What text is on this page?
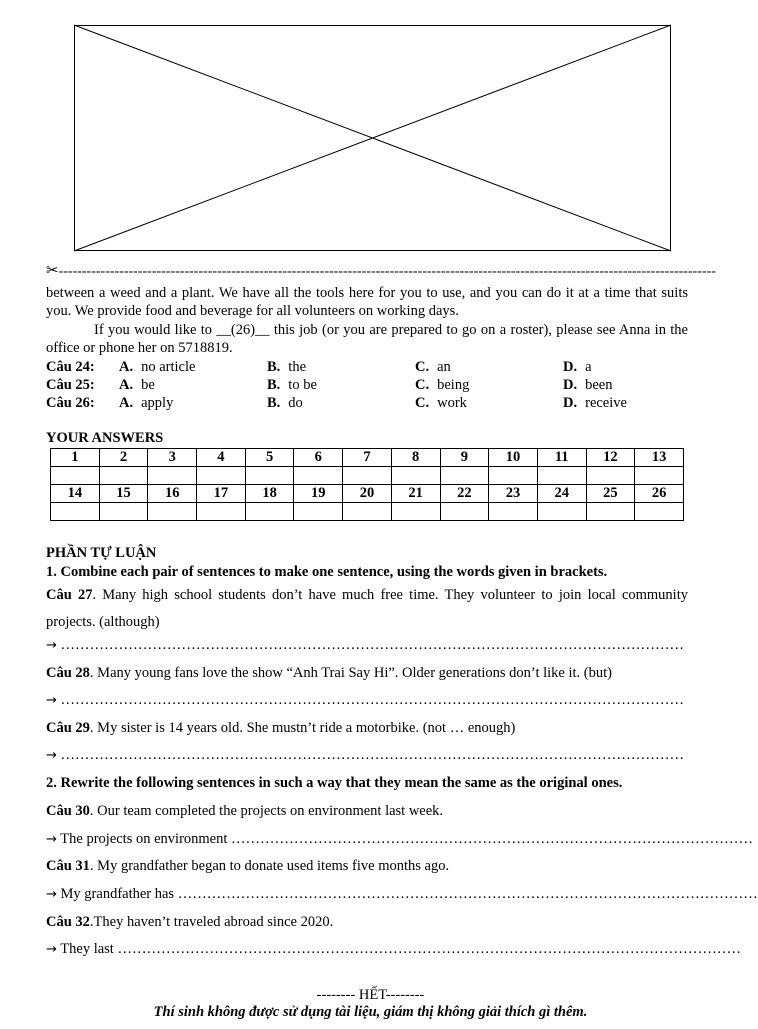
✂---------------------------------------------------------------------------------------------------------------------------------------------
between a weed and a plant. We have all the tools here for you to use, and you can do it at a time that suits you. We provide food and beverage for all volunteers on working days.
If you would like to __(26)__ this job (or you are prepared to go on a roster), please see Anna in the office or phone her on 5718819.
Câu 24: A. no article	B. the	C. an	D. a
Câu 25: A. be	B. to be	C. being	D. been
Câu 26: A. apply	B. do	C. work	D. receive
YOUR ANSWERS
1	2	3	4	5	6	7	8	9	10	11	12	13

14	15	16	17	18	19	20	21	22	23	24	25	26

PHẦN TỰ LUẬN
1. Combine each pair of sentences to make one sentence, using the words given in brackets.
Câu 27. Many high school students don’t have much free time. They volunteer to join local community projects. (although)
→ …………………………………………………………………………………………………………………
Câu 28. Many young fans love the show “Anh Trai Say Hi”. Older generations don’t like it. (but)
→ …………………………………………………………………………………………………………………
Câu 29. My sister is 14 years old. She mustn’t ride a motorbike. (not … enough)
→ …………………………………………………………………………………………………………………
2. Rewrite the following sentences in such a way that they mean the same as the original ones.
Câu 30. Our team completed the projects on environment last week.
→ The projects on environment ………………………………………………………………………………………………
Câu 31. My grandfather began to donate used items five months ago.
→ My grandfather has …………………………………………………………………………………………………………
Câu 32.They haven’t traveled abroad since 2020.
→ They last …………………………………………………………………………………………………………………
-------- HẾT--------
Thí sinh không được sử dụng tài liệu, giám thị không giải thích gì thêm.
